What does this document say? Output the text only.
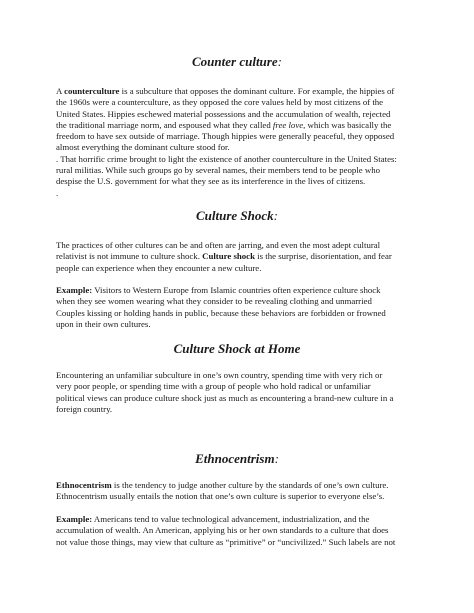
Counter culture:
A counterculture is a subculture that opposes the dominant culture. For example, the hippies of
the 1960s were a counterculture, as they opposed the core values held by most citizens of the
United States. Hippies eschewed material possessions and the accumulation of wealth, rejected
the traditional marriage norm, and espoused what they called free love, which was basically the
freedom to have sex outside of marriage. Though hippies were generally peaceful, they opposed
almost everything the dominant culture stood for.
. That horrific crime brought to light the existence of another counterculture in the United States:
rural militias. While such groups go by several names, their members tend to be people who
despise the U.S. government for what they see as its interference in the lives of citizens.
.
Culture Shock:
The practices of other cultures can be and often are jarring, and even the most adept cultural
relativist is not immune to culture shock. Culture shock is the surprise, disorientation, and fear
people can experience when they encounter a new culture.
Example: Visitors to Western Europe from Islamic countries often experience culture shock
when they see women wearing what they consider to be revealing clothing and unmarried
Couples kissing or holding hands in public, because these behaviors are forbidden or frowned
upon in their own cultures.
Culture Shock at Home
Encountering an unfamiliar subculture in one’s own country, spending time with very rich or
very poor people, or spending time with a group of people who hold radical or unfamiliar
political views can produce culture shock just as much as encountering a brand-new culture in a
foreign country.
Ethnocentrism:
Ethnocentrism is the tendency to judge another culture by the standards of one’s own culture.
Ethnocentrism usually entails the notion that one’s own culture is superior to everyone else’s.
Example: Americans tend to value technological advancement, industrialization, and the
accumulation of wealth. An American, applying his or her own standards to a culture that does
not value those things, may view that culture as “primitive” or “uncivilized.” Such labels are not
